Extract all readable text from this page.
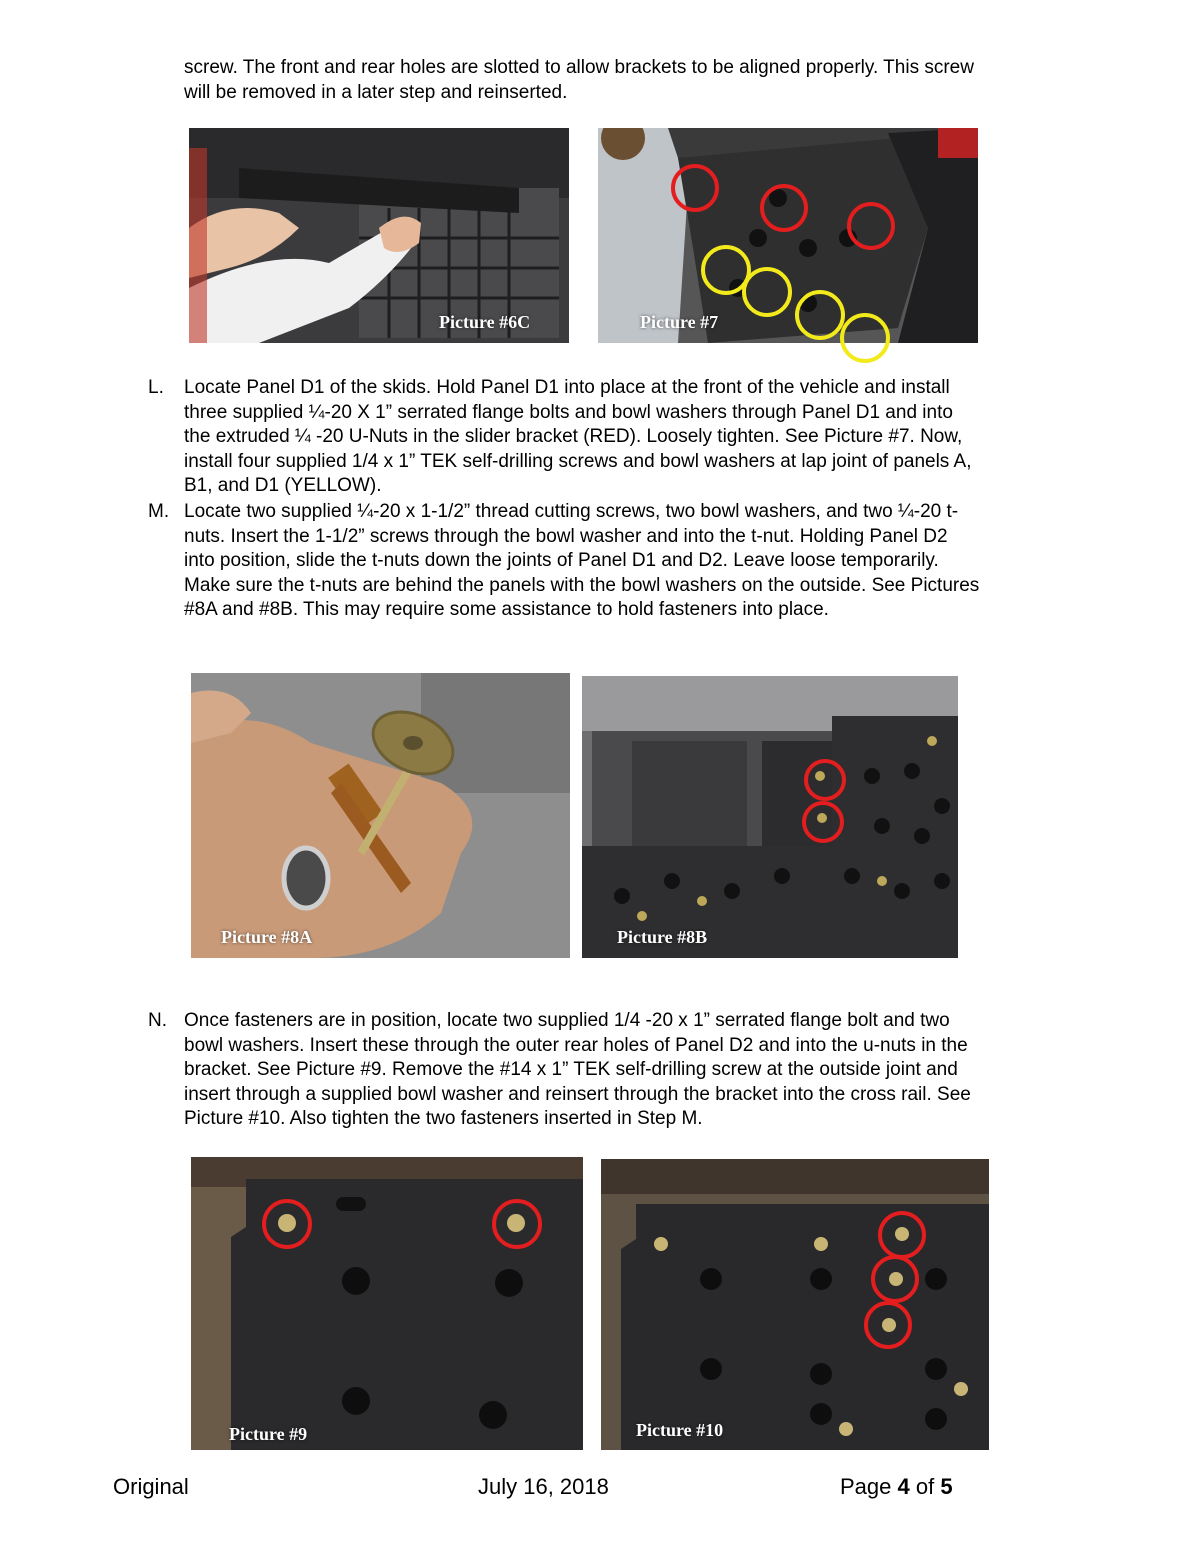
screw. The front and rear holes are slotted to allow brackets to be aligned properly. This screw
will be removed in a later step and reinserted.
Picture #6C	Picture #7
L. Locate Panel D1 of the skids. Hold Panel D1 into place at the front of the vehicle and install
three supplied ¼-20 X 1” serrated flange bolts and bowl washers through Panel D1 and into
the extruded ¼ -20 U-Nuts in the slider bracket (RED). Loosely tighten. See Picture #7. Now,
install four supplied 1/4 x 1” TEK self-drilling screws and bowl washers at lap joint of panels A,
B1, and D1 (YELLOW).
M. Locate two supplied ¼-20 x 1-1/2” thread cutting screws, two bowl washers, and two ¼-20 t-
nuts. Insert the 1-1/2” screws through the bowl washer and into the t-nut. Holding Panel D2
into position, slide the t-nuts down the joints of Panel D1 and D2. Leave loose temporarily.
Make sure the t-nuts are behind the panels with the bowl washers on the outside. See Pictures
#8A and #8B. This may require some assistance to hold fasteners into place.
Picture #8A	Picture #8B
N. Once fasteners are in position, locate two supplied 1/4 -20 x 1” serrated flange bolt and two
bowl washers. Insert these through the outer rear holes of Panel D2 and into the u-nuts in the
bracket. See Picture #9. Remove the #14 x 1” TEK self-drilling screw at the outside joint and
insert through a supplied bowl washer and reinsert through the bracket into the cross rail. See
Picture #10. Also tighten the two fasteners inserted in Step M.
Picture #9	Picture #10
Original	July 16, 2018	Page 4 of 5
